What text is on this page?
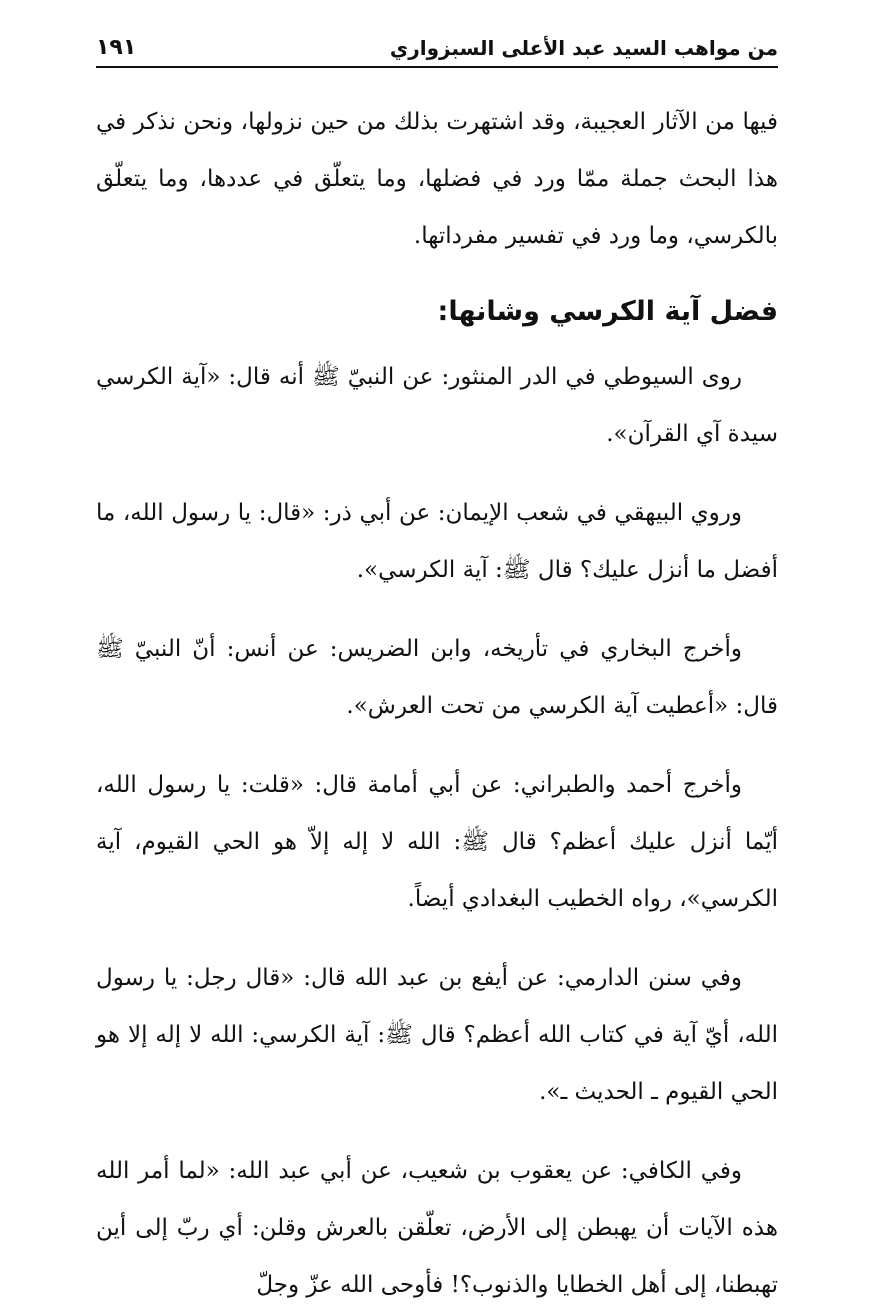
من مواهب السيد عبد الأعلى السبزواري
١٩١

فيها من الآثار العجيبة، وقد اشتهرت بذلك من حين نزولها، ونحن نذكر في هذا البحث جملة ممّا ورد في فضلها، وما يتعلّق في عددها، وما يتعلّق بالكرسي، وما ورد في تفسير مفرداتها.

فضل آية الكرسي وشانها:

روى السيوطي في الدر المنثور: عن النبيّ ﷺ أنه قال: «آية الكرسي سيدة آي القرآن».

وروي البيهقي في شعب الإيمان: عن أبي ذر: «قال: يا رسول الله، ما أفضل ما أنزل عليك؟ قال ﷺ: آية الكرسي».

وأخرج البخاري في تأريخه، وابن الضريس: عن أنس: أنّ النبيّ ﷺ قال: «أعطيت آية الكرسي من تحت العرش».

وأخرج أحمد والطبراني: عن أبي أمامة قال: «قلت: يا رسول الله، أيّما أنزل عليك أعظم؟ قال ﷺ: الله لا إله إلاّ هو الحي القيوم، آية الكرسي»، رواه الخطيب البغدادي أيضاً.

وفي سنن الدارمي: عن أيفع بن عبد الله قال: «قال رجل: يا رسول الله، أيّ آية في كتاب الله أعظم؟ قال ﷺ: آية الكرسي: الله لا إله إلا هو الحي القيوم ـ الحديث ـ».

وفي الكافي: عن يعقوب بن شعيب، عن أبي عبد الله: «لما أمر الله هذه الآيات أن يهبطن إلى الأرض، تعلّقن بالعرش وقلن: أي ربّ إلى أين تهبطنا، إلى أهل الخطايا والذنوب؟! فأوحى الله عزّ وجلّ
